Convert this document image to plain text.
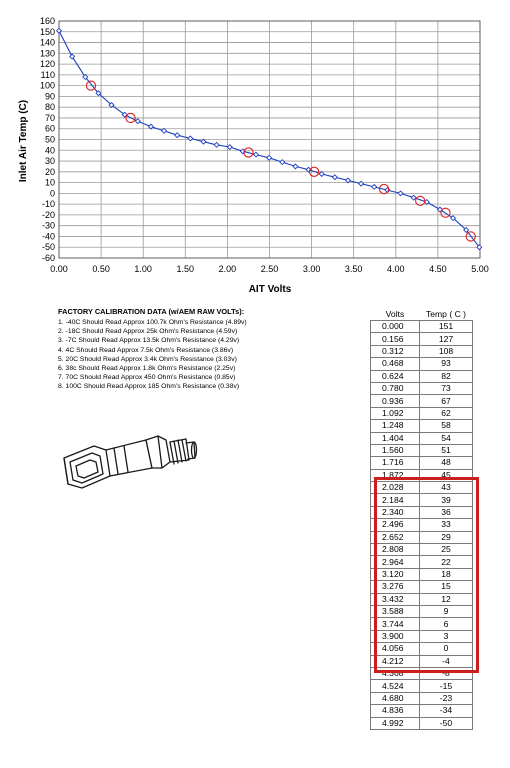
160
150
140
130
120
110
100
90
80
70
60
50
40
30
20
10
0
-10
-20
-30
-40
-50
-60
0.00	0.50	1.00	1.50	2.00	2.50	3.00	3.50	4.00	4.50	5.00
AIT Volts
Inlet Air Temp (C)
FACTORY CALIBRATION DATA (w/AEM RAW VOLTs):
1. -40C Should Read Approx 100.7k Ohm's Resistance (4.89v)
2. -18C Should Read Approx 25k Ohm's Resistance (4.59v)
3. -7C Should Read Approx 13.5k Ohm's Resistance (4.29v)
4. 4C Should Read Approx 7.5k Ohm's Resistance (3.86v)
5. 20C Should Read Approx 3.4k Ohm's Resistance (3.03v)
6. 38c Should Read Approx 1.8k Ohm's Resistance (2.25v)
7. 70C Should Read Approx 450 Ohm's Resistance (0.85v)
8. 100C Should Read Approx 185 Ohm's Resistance (0.38v)
Volts	Temp ( C )
0.000	151
0.156	127
0.312	108
0.468	93
0.624	82
0.780	73
0.936	67
1.092	62
1.248	58
1.404	54
1.560	51
1.716	48
1.872	45
2.028	43
2.184	39
2.340	36
2.496	33
2.652	29
2.808	25
2.964	22
3.120	18
3.276	15
3.432	12
3.588	9
3.744	6
3.900	3
4.056	0
4.212	-4
4.368	-8
4.524	-15
4.680	-23
4.836	-34
4.992	-50
